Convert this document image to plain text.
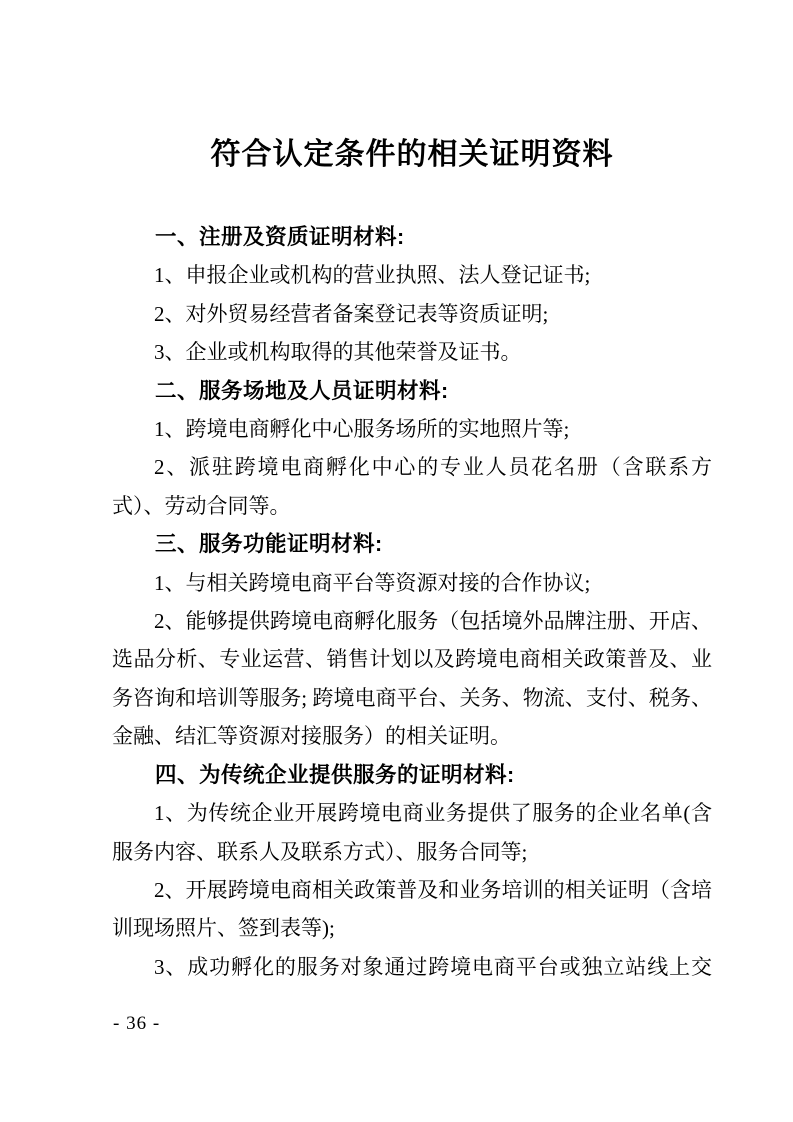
符合认定条件的相关证明资料
一、注册及资质证明材料:

1、申报企业或机构的营业执照、法人登记证书;

2、对外贸易经营者备案登记表等资质证明;

3、企业或机构取得的其他荣誉及证书。

二、服务场地及人员证明材料:

1、跨境电商孵化中心服务场所的实地照片等;

2、派驻跨境电商孵化中心的专业人员花名册（含联系方式）、劳动合同等。

三、服务功能证明材料:

1、与相关跨境电商平台等资源对接的合作协议;

2、能够提供跨境电商孵化服务（包括境外品牌注册、开店、选品分析、专业运营、销售计划以及跨境电商相关政策普及、业务咨询和培训等服务; 跨境电商平台、关务、物流、支付、税务、金融、结汇等资源对接服务）的相关证明。

四、为传统企业提供服务的证明材料:

1、为传统企业开展跨境电商业务提供了服务的企业名单(含服务内容、联系人及联系方式）、服务合同等;

2、开展跨境电商相关政策普及和业务培训的相关证明（含培训现场照片、签到表等);

3、成功孵化的服务对象通过跨境电商平台或独立站线上交

- 36 -
